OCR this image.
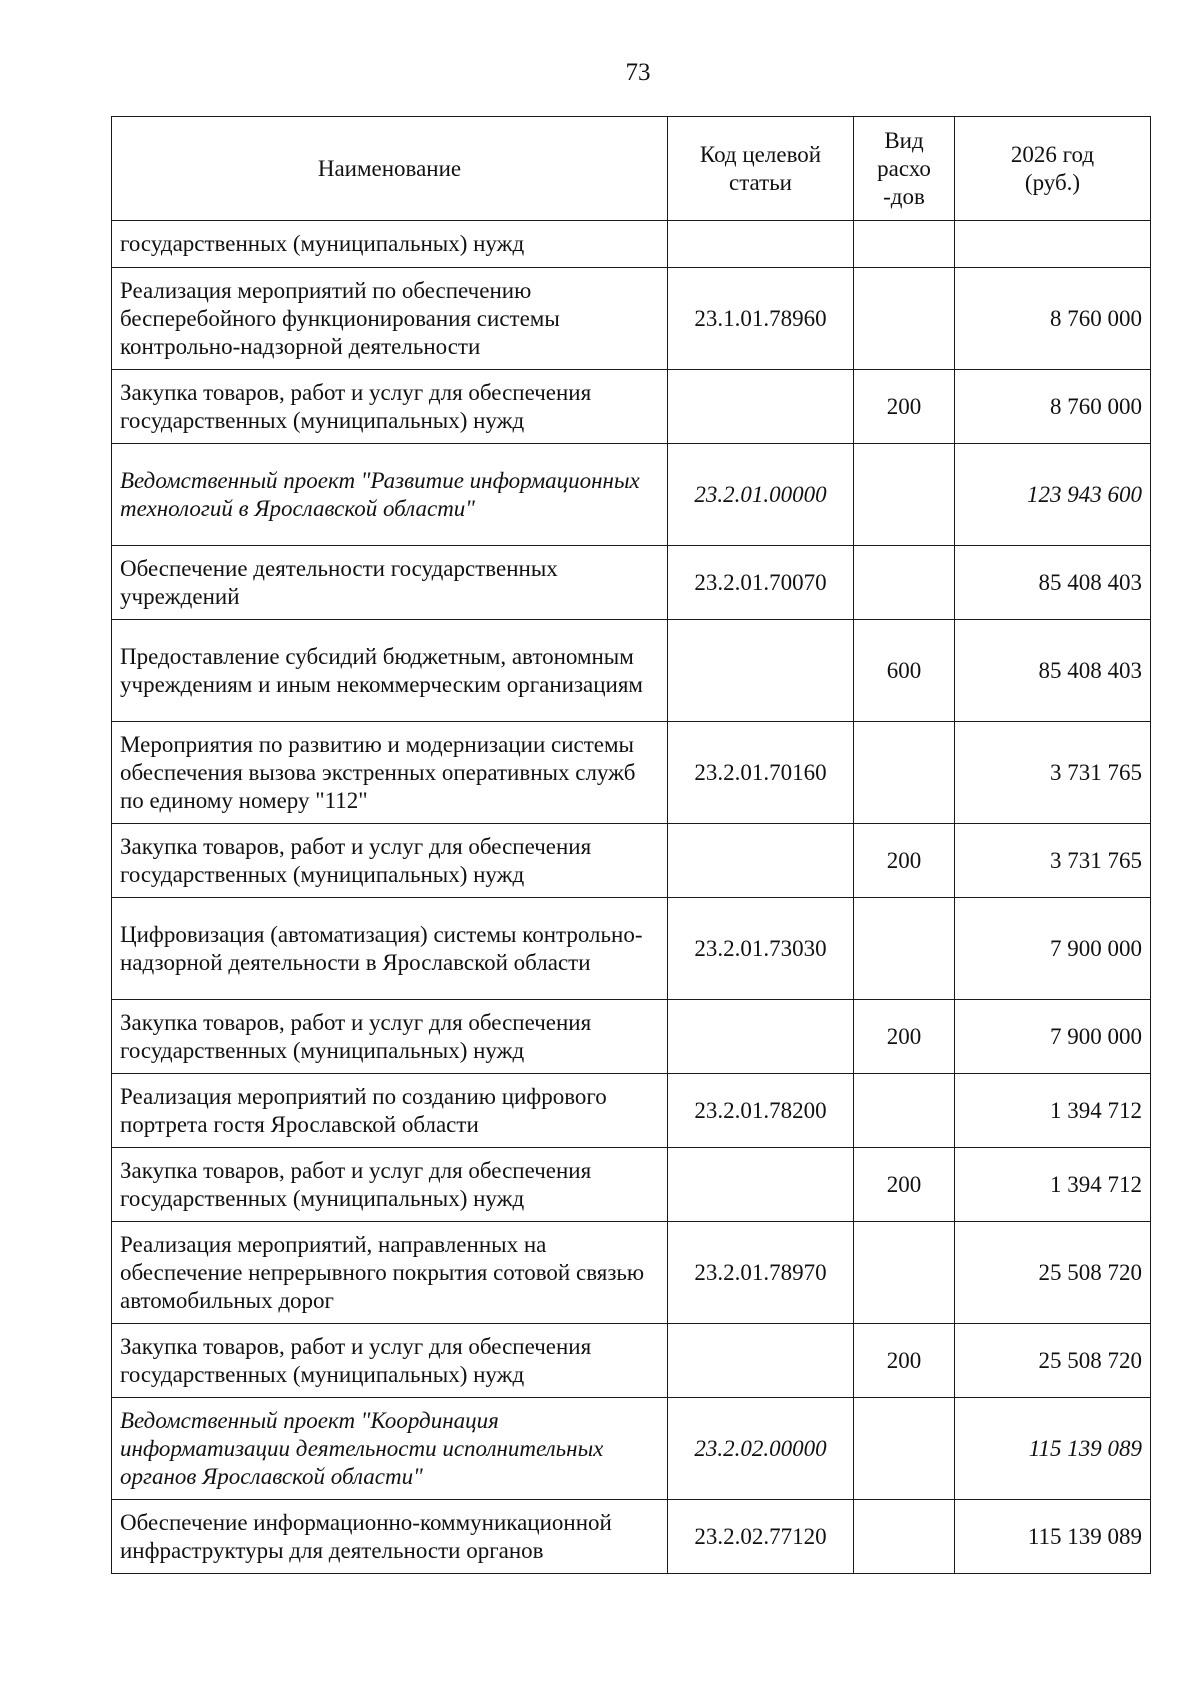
73
Наименование	Код целевой статьи	Вид расхо-дов	2026 год (руб.)
государственных (муниципальных) нужд			
Реализация мероприятий по обеспечению бесперебойного функционирования системы контрольно-надзорной деятельности	23.1.01.78960		8 760 000
Закупка товаров, работ и услуг для обеспечения государственных (муниципальных) нужд		200	8 760 000
Ведомственный проект "Развитие информационных технологий в Ярославской области"	23.2.01.00000		123 943 600
Обеспечение деятельности государственных учреждений	23.2.01.70070		85 408 403
Предоставление субсидий бюджетным, автономным учреждениям и иным некоммерческим организациям		600	85 408 403
Мероприятия по развитию и модернизации системы обеспечения вызова экстренных оперативных служб по единому номеру "112"	23.2.01.70160		3 731 765
Закупка товаров, работ и услуг для обеспечения государственных (муниципальных) нужд		200	3 731 765
Цифровизация (автоматизация) системы контрольно-надзорной деятельности в Ярославской области	23.2.01.73030		7 900 000
Закупка товаров, работ и услуг для обеспечения государственных (муниципальных) нужд		200	7 900 000
Реализация мероприятий по созданию цифрового портрета гостя Ярославской области	23.2.01.78200		1 394 712
Закупка товаров, работ и услуг для обеспечения государственных (муниципальных) нужд		200	1 394 712
Реализация мероприятий, направленных на обеспечение непрерывного покрытия сотовой связью автомобильных дорог	23.2.01.78970		25 508 720
Закупка товаров, работ и услуг для обеспечения государственных (муниципальных) нужд		200	25 508 720
Ведомственный проект "Координация информатизации деятельности исполнительных органов Ярославской области"	23.2.02.00000		115 139 089
Обеспечение информационно-коммуникационной инфраструктуры для деятельности органов	23.2.02.77120		115 139 089
